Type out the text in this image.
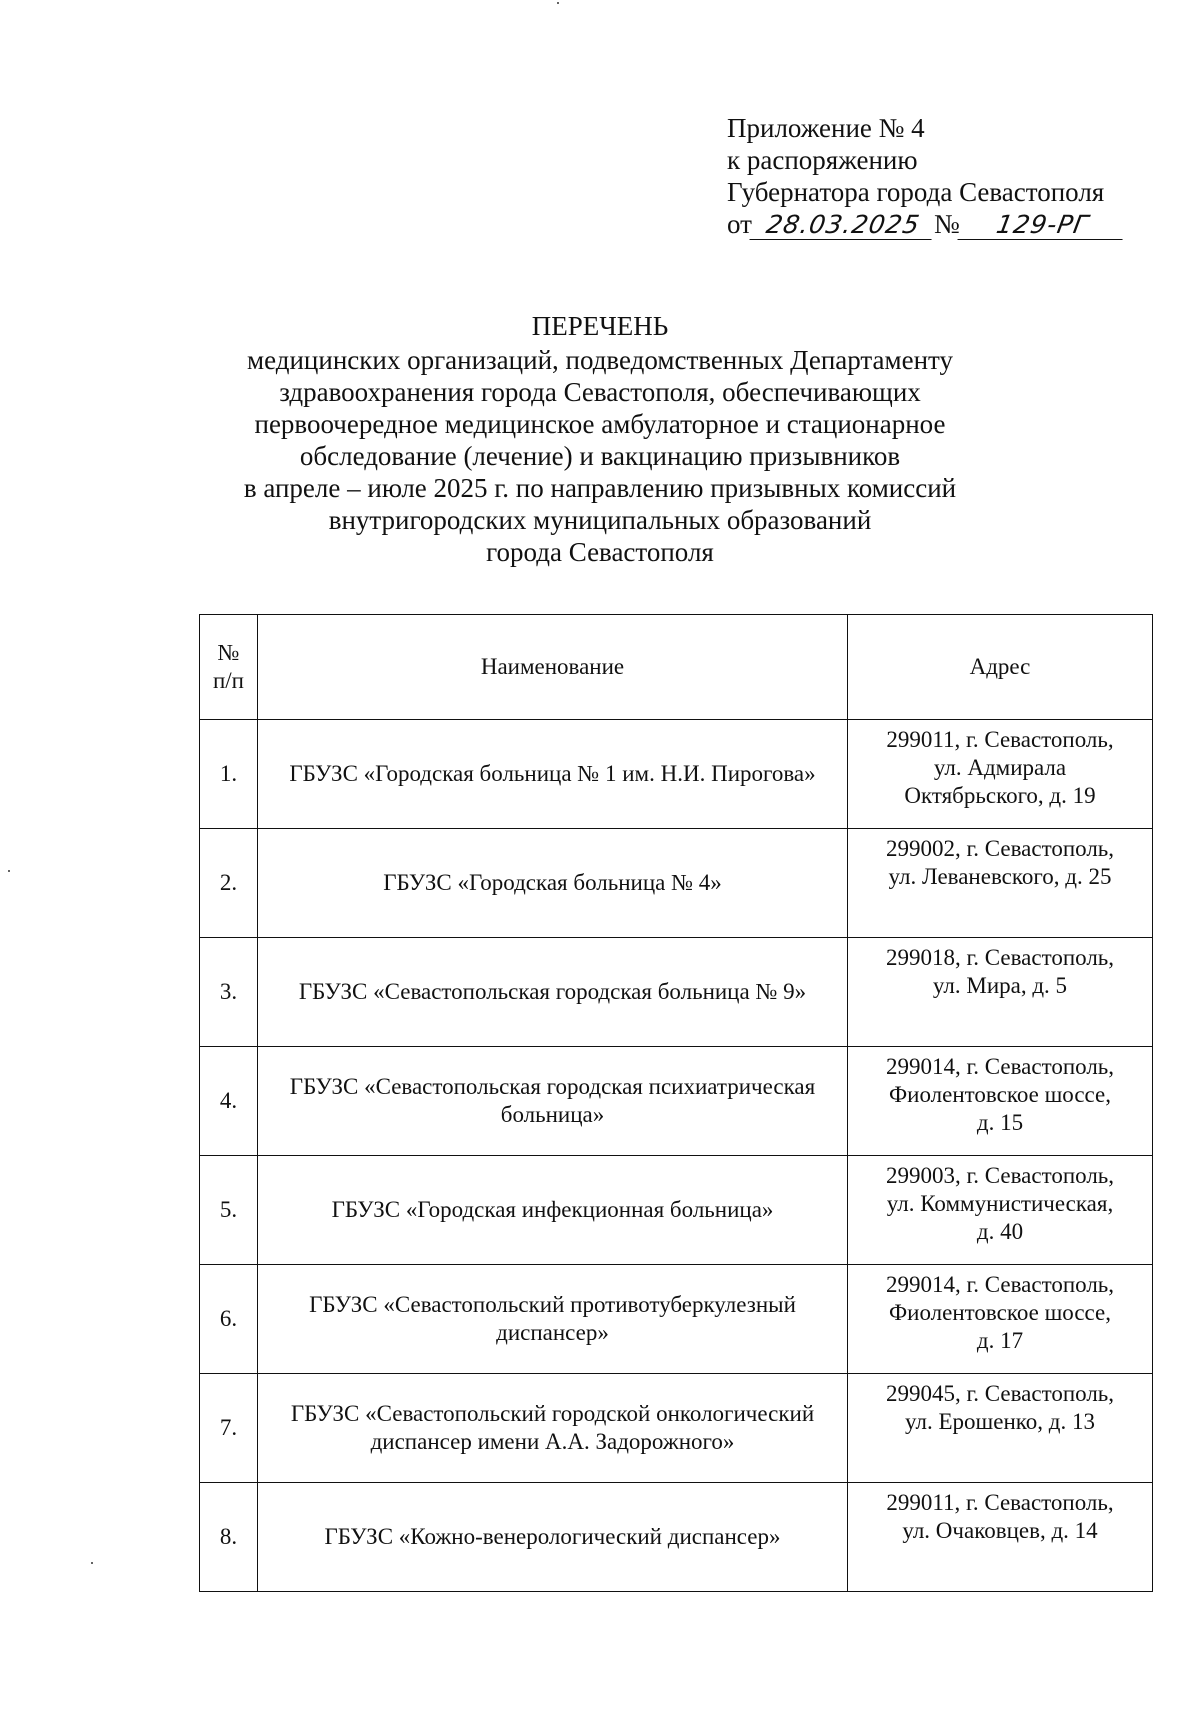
Приложение № 4
к распоряжению
Губернатора города Севастополя
от 28.03.2025 № 129-РГ
ПЕРЕЧЕНЬ
медицинских организаций, подведомственных Департаменту
здравоохранения города Севастополя, обеспечивающих
первоочередное медицинское амбулаторное и стационарное
обследование (лечение) и вакцинацию призывников
в апреле – июле 2025 г. по направлению призывных комиссий
внутригородских муниципальных образований
города Севастополя
№
п/п	Наименование	Адрес
1.	ГБУЗС «Городская больница № 1 им. Н.И. Пирогова»	299011, г. Севастополь,
ул. Адмирала
Октябрьского, д. 19
2.	ГБУЗС «Городская больница № 4»	299002, г. Севастополь,
ул. Леваневского, д. 25
3.	ГБУЗС «Севастопольская городская больница № 9»	299018, г. Севастополь,
ул. Мира, д. 5
4.	ГБУЗС «Севастопольская городская психиатрическая
больница»	299014, г. Севастополь,
Фиолентовское шоссе,
д. 15
5.	ГБУЗС «Городская инфекционная больница»	299003, г. Севастополь,
ул. Коммунистическая,
д. 40
6.	ГБУЗС «Севастопольский противотуберкулезный
диспансер»	299014, г. Севастополь,
Фиолентовское шоссе,
д. 17
7.	ГБУЗС «Севастопольский городской онкологический
диспансер имени А.А. Задорожного»	299045, г. Севастополь,
ул. Ерошенко, д. 13
8.	ГБУЗС «Кожно-венерологический диспансер»	299011, г. Севастополь,
ул. Очаковцев, д. 14
